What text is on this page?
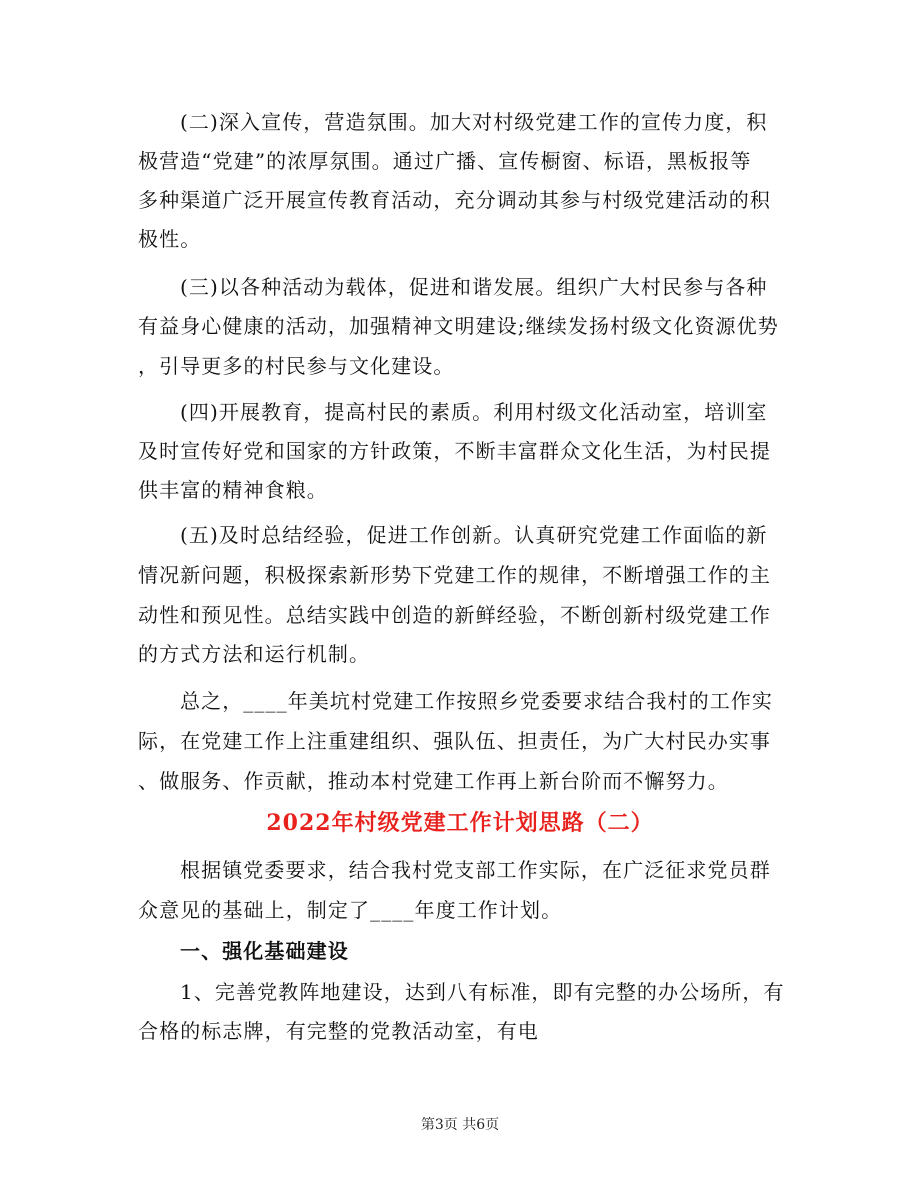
(二)深入宣传，营造氛围。加大对村级党建工作的宣传力度，积
极营造“党建”的浓厚氛围。通过广播、宣传橱窗、标语，黑板报等
多种渠道广泛开展宣传教育活动，充分调动其参与村级党建活动的积
极性。
(三)以各种活动为载体，促进和谐发展。组织广大村民参与各种
有益身心健康的活动，加强精神文明建设;继续发扬村级文化资源优势
，引导更多的村民参与文化建设。
(四)开展教育，提高村民的素质。利用村级文化活动室，培训室
及时宣传好党和国家的方针政策，不断丰富群众文化生活，为村民提
供丰富的精神食粮。
(五)及时总结经验，促进工作创新。认真研究党建工作面临的新
情况新问题，积极探索新形势下党建工作的规律，不断增强工作的主
动性和预见性。总结实践中创造的新鲜经验，不断创新村级党建工作
的方式方法和运行机制。
总之，____年美坑村党建工作按照乡党委要求结合我村的工作实
际，在党建工作上注重建组织、强队伍、担责任，为广大村民办实事
、做服务、作贡献，推动本村党建工作再上新台阶而不懈努力。
2022年村级党建工作计划思路（二）
根据镇党委要求，结合我村党支部工作实际，在广泛征求党员群
众意见的基础上，制定了____年度工作计划。
一、强化基础建设
1、完善党教阵地建设，达到八有标准，即有完整的办公场所，有
合格的标志牌，有完整的党教活动室，有电
第3页 共6页
